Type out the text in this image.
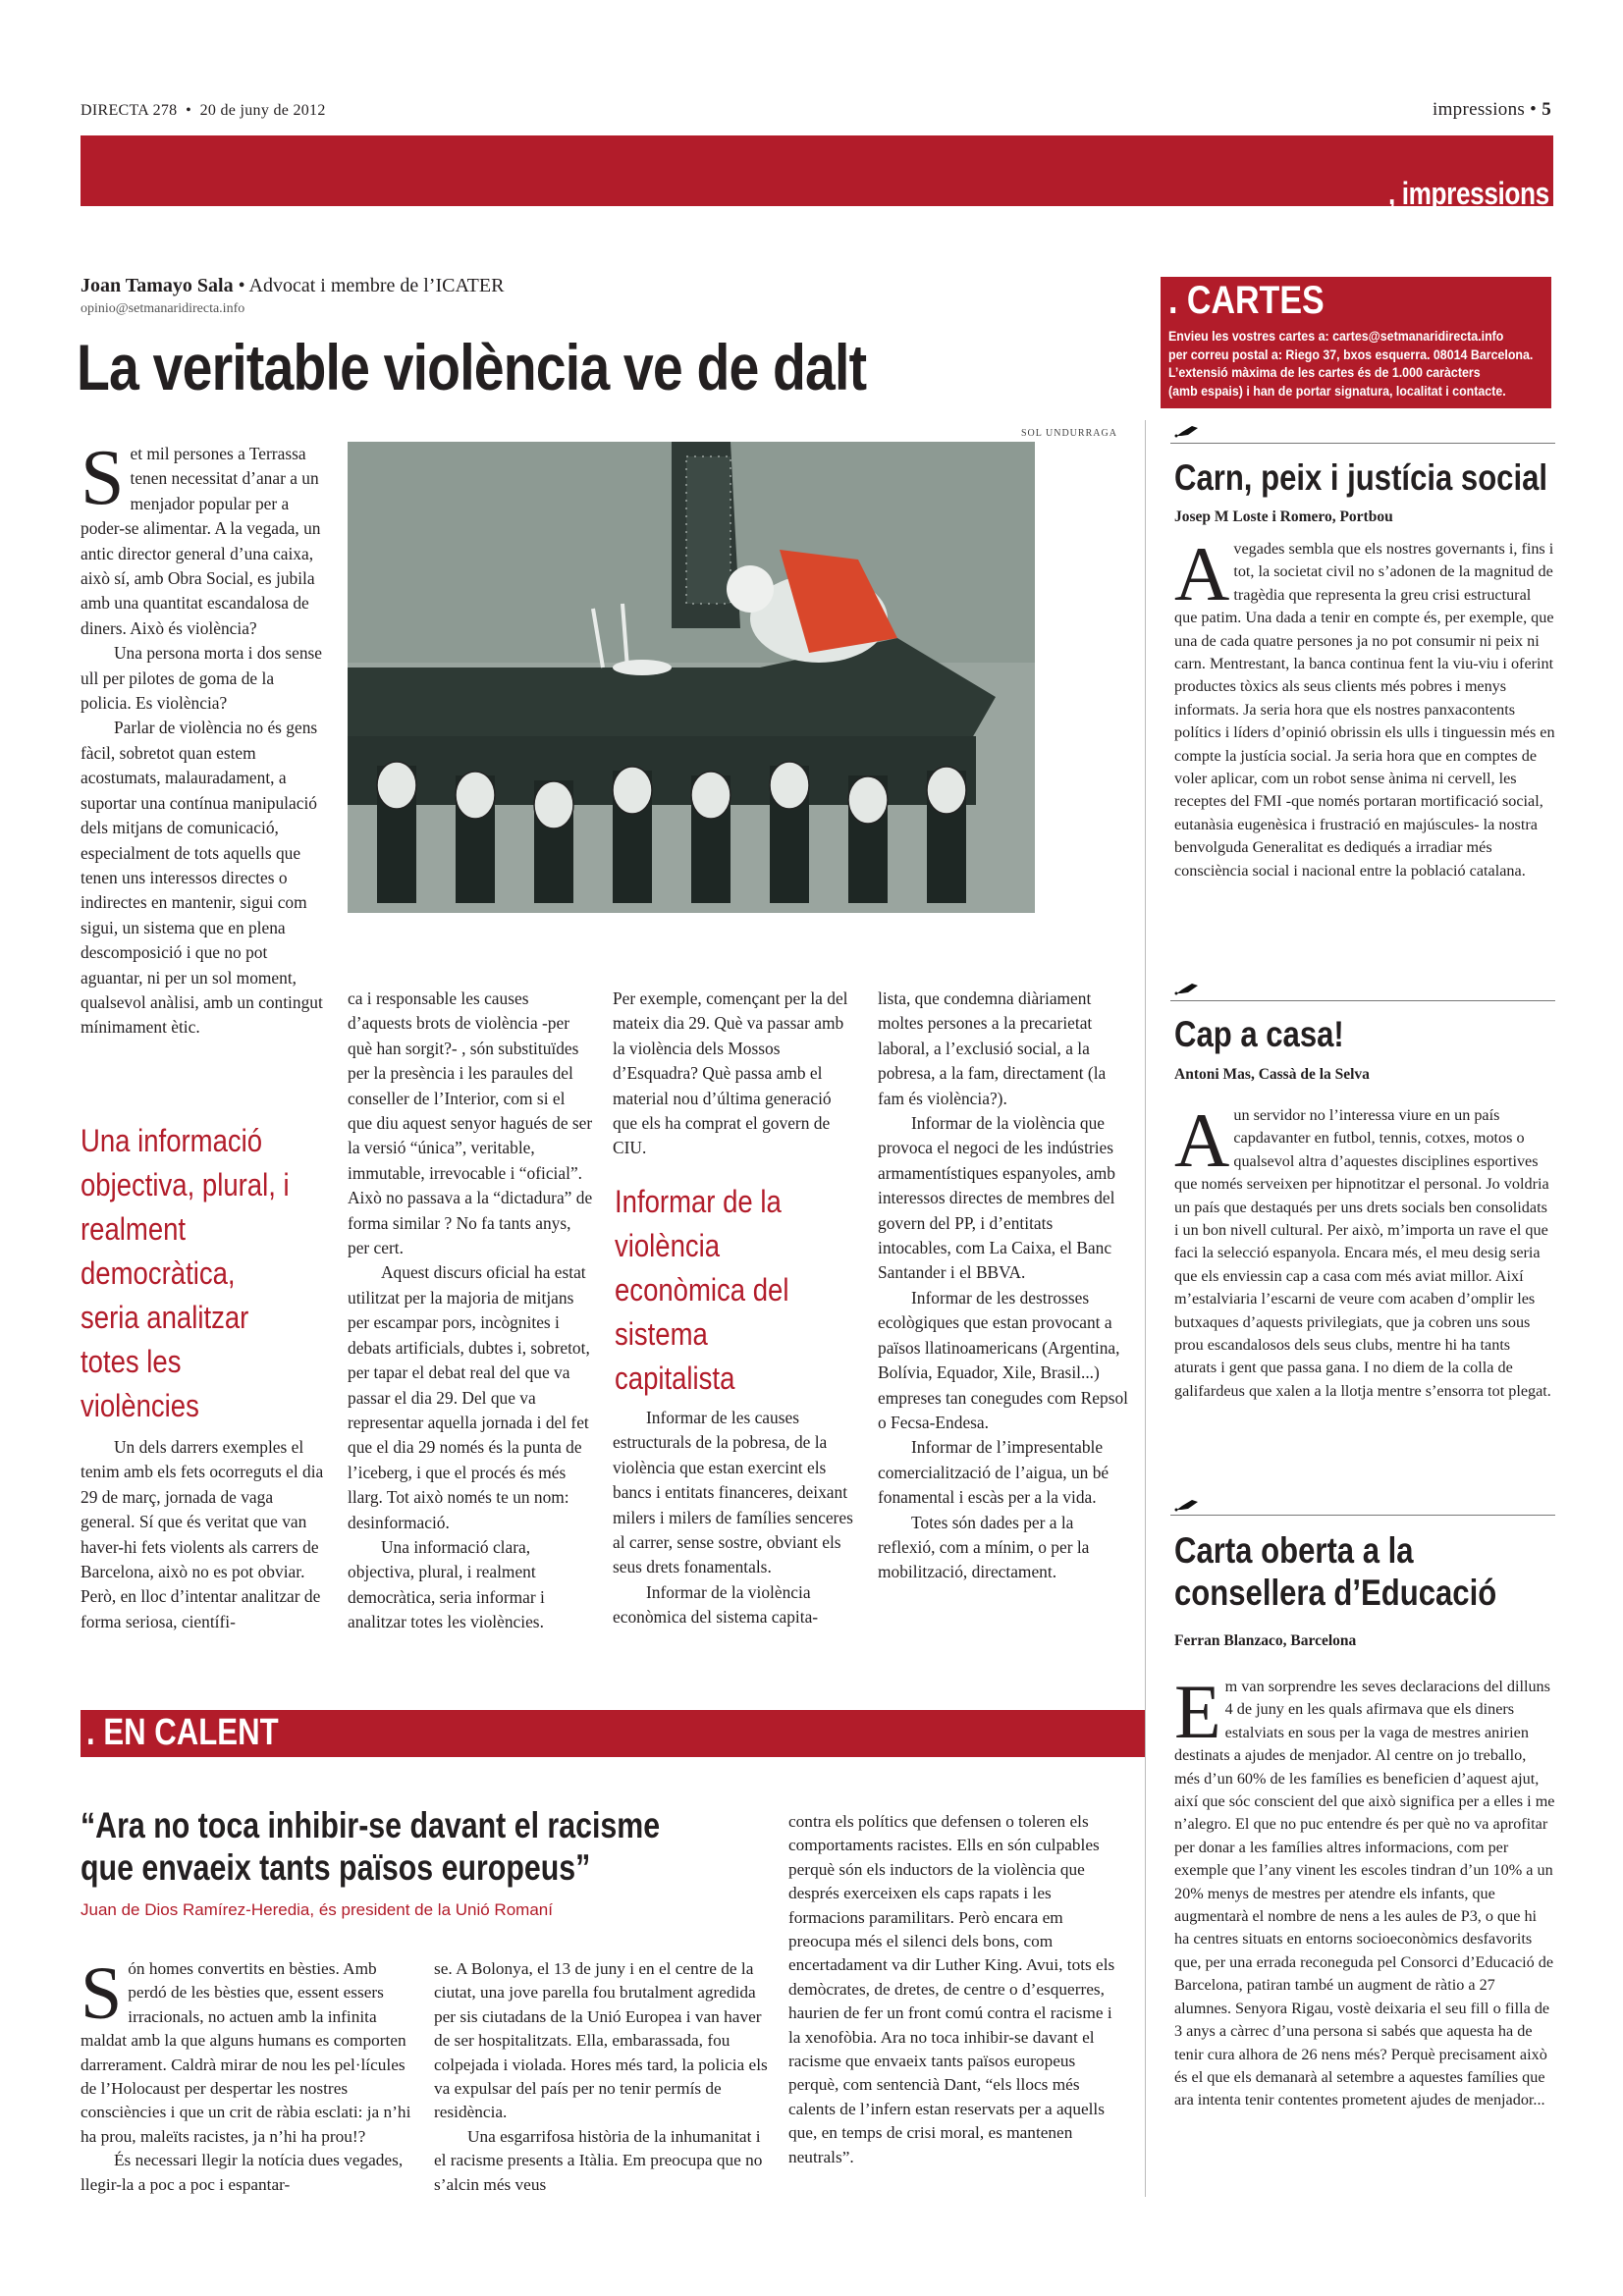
DIRECTA 278 • 20 de juny de 2012	impressions • 5
, impressions
Joan Tamayo Sala • Advocat i membre de l’ICATER
opinio@setmanaridirecta.info
La veritable violència ve de dalt
SOL UNDURRAGA

Set mil persones a Terrassa tenen necessitat d’anar a un menjador popular per a poder-se alimentar. A la vegada, un antic director general d’una caixa, això sí, amb Obra Social, es jubila amb una quantitat escandalosa de diners. Això és violència?

Una persona morta i dos sense ull per pilotes de goma de la policia. Es violència?

Parlar de violència no és gens fàcil, sobretot quan estem acostumats, malauradament, a suportar una contínua manipulació dels mitjans de comunicació, especialment de tots aquells que tenen uns interessos directes o indirectes en mantenir, sigui com sigui, un sistema que en plena descomposició i que no pot aguantar, ni per un sol moment, qualsevol anàlisi, amb un contingut mínimament ètic.

Una informació objectiva, plural, i realment democràtica, seria analitzar totes les violències

Un dels darrers exemples el tenim amb els fets ocorreguts el dia 29 de març, jornada de vaga general. Sí que és veritat que van haver-hi fets violents als carrers de Barcelona, això no es pot obviar. Però, en lloc d’intentar analitzar de forma seriosa, científi-

ca i responsable les causes d’aquests brots de violència -per què han sorgit?- , són substituïdes per la presència i les paraules del conseller de l’Interior, com si el que diu aquest senyor hagués de ser la versió “única”, veritable, immutable, irrevocable i “oficial”. Això no passava a la “dictadura” de forma similar ? No fa tants anys, per cert.

Aquest discurs oficial ha estat utilitzat per la majoria de mitjans per escampar pors, incògnites i debats artificials, dubtes i, sobretot, per tapar el debat real del que va passar el dia 29. Del que va representar aquella jornada i del fet que el dia 29 només és la punta de l’iceberg, i que el procés és més llarg. Tot això només te un nom: desinformació.

Una informació clara, objectiva, plural, i realment democràtica, seria informar i analitzar totes les violències.

Per exemple, començant per la del mateix dia 29. Què va passar amb la violència dels Mossos d’Esquadra? Què passa amb el material nou d’última generació que els ha comprat el govern de CIU.

Informar de la violència econòmica del sistema capitalista

Informar de les causes estructurals de la pobresa, de la violència que estan exercint els bancs i entitats financeres, deixant milers i milers de famílies senceres al carrer, sense sostre, obviant els seus drets fonamentals.

Informar de la violència econòmica del sistema capita-

lista, que condemna diàriament moltes persones a la precarietat laboral, a l’exclusió social, a la pobresa, a la fam, directament (la fam és violència?).

Informar de la violència que provoca el negoci de les indústries armamentístiques espanyoles, amb interessos directes de membres del govern del PP, i d’entitats intocables, com La Caixa, el Banc Santander i el BBVA.

Informar de les destrosses ecològiques que estan provocant a països llatinoamericans (Argentina, Bolívia, Equador, Xile, Brasil...) empreses tan conegudes com Repsol o Fecsa-Endesa.

Informar de l’impresentable comercialització de l’aigua, un bé fonamental i escàs per a la vida.

Totes són dades per a la reflexió, com a mínim, o per la mobilització, directament.

. CARTES
Envieu les vostres cartes a: cartes@setmanaridirecta.info
per correu postal a: Riego 37, bxos esquerra. 08014 Barcelona.
L’extensió màxima de les cartes és de 1.000 caràcters
(amb espais) i han de portar signatura, localitat i contacte.
Carn, peix i justícia social
Josep M Loste i Romero, Portbou
Avegades sembla que els nostres governants i, fins i tot, la societat civil no s’adonen de la magnitud de tragèdia que representa la greu crisi estructural que patim. Una dada a tenir en compte és, per exemple, que una de cada quatre persones ja no pot consumir ni peix ni carn. Mentrestant, la banca continua fent la viu-viu i oferint productes tòxics als seus clients més pobres i menys informats. Ja seria hora que els nostres panxacontents polítics i líders d’opinió obrissin els ulls i tinguessin més en compte la justícia social. Ja seria hora que en comptes de voler aplicar, com un robot sense ànima ni cervell, les receptes del FMI -que només portaran mortificació social, eutanàsia eugenèsica i frustració en majúscules- la nostra benvolguda Generalitat es dediqués a irradiar més consciència social i nacional entre la població catalana.
Cap a casa!
Antoni Mas, Cassà de la Selva
Aun servidor no l’interessa viure en un país capdavanter en futbol, tennis, cotxes, motos o qualsevol altra d’aquestes disciplines esportives que només serveixen per hipnotitzar el personal. Jo voldria un país que destaqués per uns drets socials ben consolidats i un bon nivell cultural. Per això, m’importa un rave el que faci la selecció espanyola. Encara més, el meu desig seria que els enviessin cap a casa com més aviat millor. Així m’estalviaria l’escarni de veure com acaben d’omplir les butxaques d’aquests privilegiats, que ja cobren uns sous prou escandalosos dels seus clubs, mentre hi ha tants aturats i gent que passa gana. I no diem de la colla de galifardeus que xalen a la llotja mentre s’ensorra tot plegat.
Carta oberta a la
consellera d’Educació
Ferran Blanzaco, Barcelona
Em van sorprendre les seves declaracions del dilluns 4 de juny en les quals afirmava que els diners estalviats en sous per la vaga de mestres anirien destinats a ajudes de menjador. Al centre on jo treballo, més d’un 60% de les famílies es beneficien d’aquest ajut, així que sóc conscient del que això significa per a elles i me n’alegro. El que no puc entendre és per què no va aprofitar per donar a les famílies altres informacions, com per exemple que l’any vinent les escoles tindran d’un 10% a un 20% menys de mestres per atendre els infants, que augmentarà el nombre de nens a les aules de P3, o que hi ha centres situats en entorns socioeconòmics desfavorits que, per una errada reconeguda pel Consorci d’Educació de Barcelona, patiran també un augment de ràtio a 27 alumnes. Senyora Rigau, vostè deixaria el seu fill o filla de 3 anys a càrrec d’una persona si sabés que aquesta ha de tenir cura alhora de 26 nens més? Perquè precisament això és el que els demanarà al setembre a aquestes famílies que ara intenta tenir contentes prometent ajudes de menjador...
. EN CALENT
“Ara no toca inhibir-se davant el racisme
que envaeix tants països europeus”
Juan de Dios Ramírez-Heredia, és president de la Unió Romaní

Són homes convertits en bèsties. Amb perdó de les bèsties que, essent essers irracionals, no actuen amb la infinita maldat amb la que alguns humans es comporten darrerament. Caldrà mirar de nou les pel·lícules de l’Holocaust per despertar les nostres consciències i que un crit de ràbia esclati: ja n’hi ha prou, maleïts racistes, ja n’hi ha prou!?

És necessari llegir la notícia dues vegades, llegir-la a poc a poc i espantar-

se. A Bolonya, el 13 de juny i en el centre de la ciutat, una jove parella fou brutalment agredida per sis ciutadans de la Unió Europea i van haver de ser hospitalitzats. Ella, embarassada, fou colpejada i violada. Hores més tard, la policia els va expulsar del país per no tenir permís de residència.

Una esgarrifosa història de la inhumanitat i el racisme presents a Itàlia. Em preocupa que no s’alcin més veus

contra els polítics que defensen o toleren els comportaments racistes. Ells en són culpables perquè són els inductors de la violència que després exerceixen els caps rapats i les formacions paramilitars. Però encara em preocupa més el silenci dels bons, com encertadament va dir Luther King. Avui, tots els demòcrates, de dretes, de centre o d’esquerres, haurien de fer un front comú contra el racisme i la xenofòbia. Ara no toca inhibir-se davant el racisme que envaeix tants països europeus perquè, com sentencià Dant, “els llocs més calents de l’infern estan reservats per a aquells que, en temps de crisi moral, es mantenen neutrals”.
